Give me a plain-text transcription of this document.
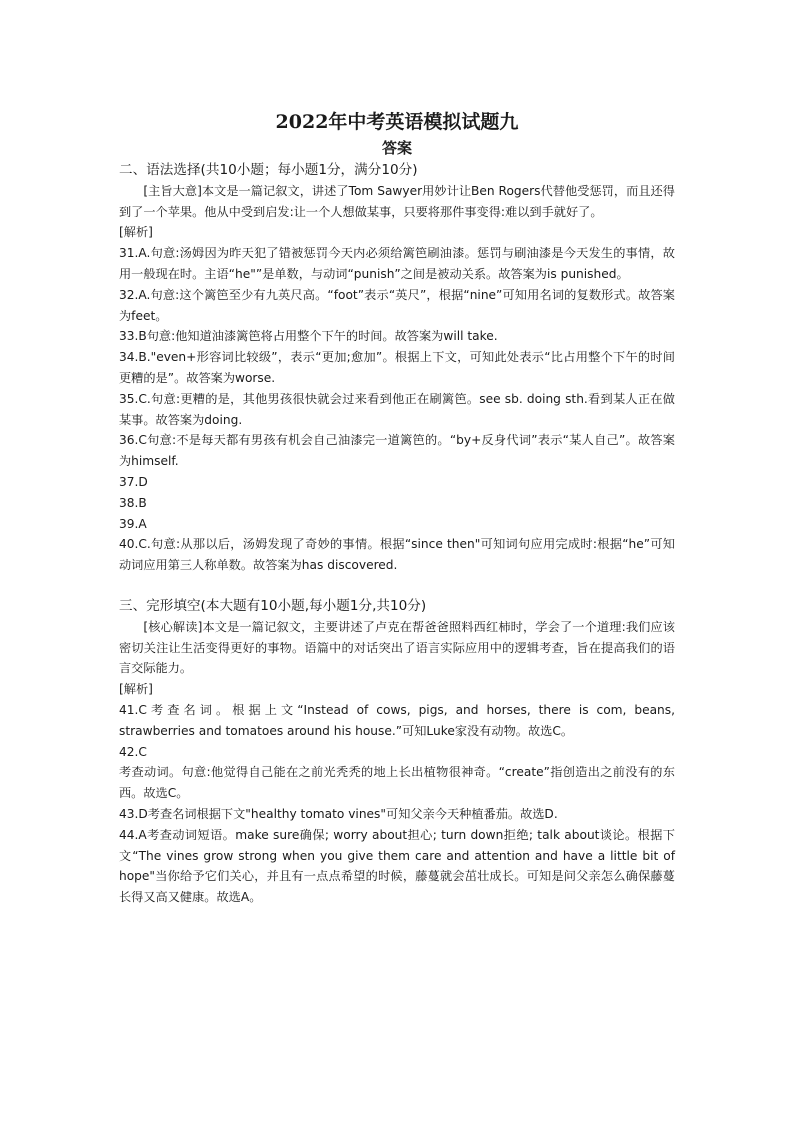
2022年中考英语模拟试题九
答案

二、语法选择(共10小题；每小题1分，满分10分)

[主旨大意]本文是一篇记叙文，讲述了Tom Sawyer用妙计让Ben Rogers代替他受惩罚，而且还得到了一个苹果。他从中受到启发:让一个人想做某事，只要将那件事变得:难以到手就好了。

[解析]

31.A.句意:汤姆因为昨天犯了错被惩罚今天内必须给篱笆刷油漆。惩罚与刷油漆是今天发生的事情，故用一般现在时。主语“he"”是单数，与动词“punish”之间是被动关系。故答案为is punished。

32.A.句意:这个篱笆至少有九英尺高。“foot”表示“英尺”，根据“nine”可知用名词的复数形式。故答案为feet。

33.B句意:他知道油漆篱笆将占用整个下午的时间。故答案为will take.

34.B."even+形容词比较级”，表示“更加;愈加”。根据上下文，可知此处表示“比占用整个下午的时间更糟的是”。故答案为worse.

35.C.句意:更糟的是，其他男孩很快就会过来看到他正在刷篱笆。see sb. doing sth.看到某人正在做某事。故答案为doing.

36.C句意:不是每天都有男孩有机会自己油漆完一道篱笆的。“by+反身代词”表示“某人自己”。故答案为himself.

37.D

38.B

39.A

40.C.句意:从那以后，汤姆发现了奇妙的事情。根据“since then"可知词句应用完成时:根据“he”可知动词应用第三人称单数。故答案为has discovered.

三、完形填空(本大题有10小题,每小题1分,共10分)

[核心解读]本文是一篇记叙文，主要讲述了卢克在帮爸爸照料西红柿时，学会了一个道理:我们应该密切关注让生活变得更好的事物。语篇中的对话突出了语言实际应用中的逻辑考查，旨在提高我们的语言交际能力。

[解析]

41.C考查名词。根据上文“Instead of cows, pigs, and horses, there is com, beans, strawberries and tomatoes around his house.”可知Luke家没有动物。故选C。

42.C

考查动词。句意:他觉得自己能在之前光秃秃的地上长出植物很神奇。“create”指创造出之前没有的东西。故选C。

43.D考查名词根据下文"healthy tomato vines"可知父亲今天种植番茄。故选D.

44.A考查动词短语。make sure确保; worry about担心; turn down拒绝; talk about谈论。根据下文“The vines grow strong when you give them care and attention and have a little bit of hope"当你给予它们关心，并且有一点点希望的时候，藤蔓就会茁壮成长。可知是问父亲怎么确保藤蔓长得又高又健康。故选A。
